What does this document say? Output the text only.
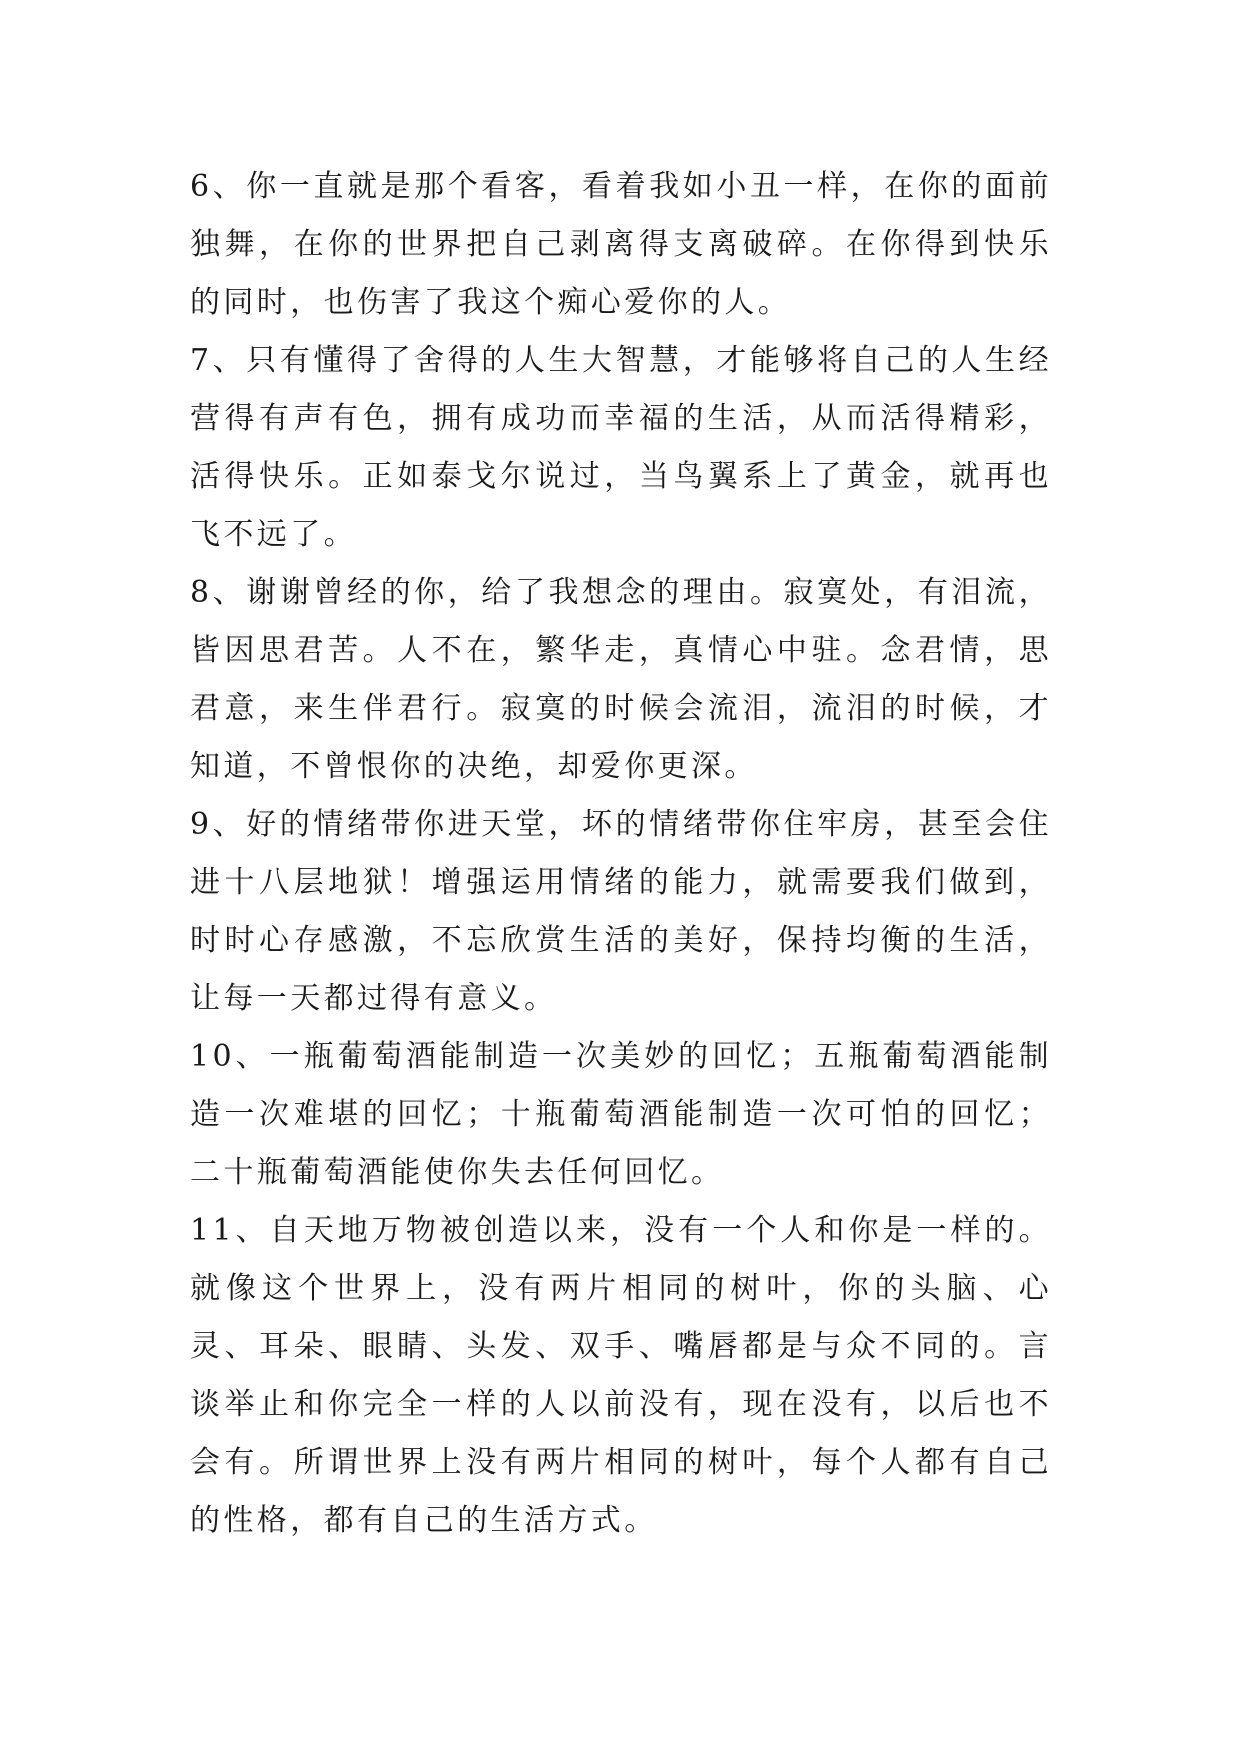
6、你一直就是那个看客，看着我如小丑一样，在你的面前独舞，在你的世界把自己剥离得支离破碎。在你得到快乐的同时，也伤害了我这个痴心爱你的人。

7、只有懂得了舍得的人生大智慧，才能够将自己的人生经营得有声有色，拥有成功而幸福的生活，从而活得精彩，活得快乐。正如泰戈尔说过，当鸟翼系上了黄金，就再也飞不远了。

8、谢谢曾经的你，给了我想念的理由。寂寞处，有泪流，皆因思君苦。人不在，繁华走，真情心中驻。念君情，思君意，来生伴君行。寂寞的时候会流泪，流泪的时候，才知道，不曾恨你的决绝，却爱你更深。

9、好的情绪带你进天堂，坏的情绪带你住牢房，甚至会住进十八层地狱！增强运用情绪的能力，就需要我们做到，时时心存感激，不忘欣赏生活的美好，保持均衡的生活，让每一天都过得有意义。

10、一瓶葡萄酒能制造一次美妙的回忆；五瓶葡萄酒能制造一次难堪的回忆；十瓶葡萄酒能制造一次可怕的回忆；二十瓶葡萄酒能使你失去任何回忆。

11、自天地万物被创造以来，没有一个人和你是一样的。就像这个世界上，没有两片相同的树叶，你的头脑、心灵、耳朵、眼睛、头发、双手、嘴唇都是与众不同的。言谈举止和你完全一样的人以前没有，现在没有，以后也不会有。所谓世界上没有两片相同的树叶，每个人都有自己的性格，都有自己的生活方式。
